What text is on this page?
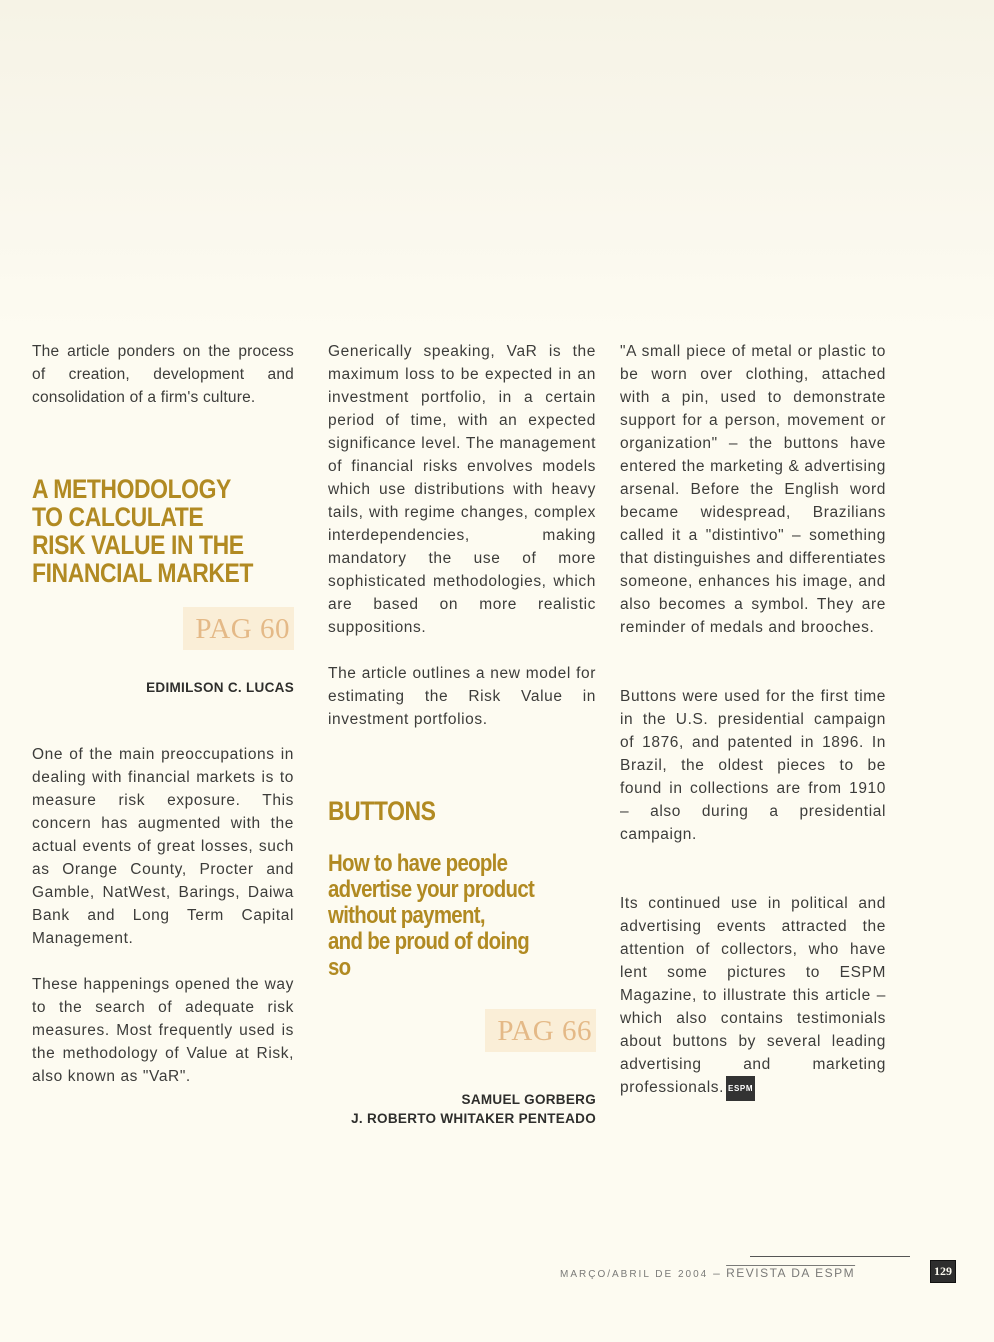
The article ponders on the process of creation, development and consolidation of a firm's culture.

A METHODOLOGY
TO CALCULATE
RISK VALUE IN THE
FINANCIAL MARKET
PAG 60
EDIMILSON C. LUCAS

One of the main preoccupations in dealing with financial markets is to measure risk exposure. This concern has augmented with the actual events of great losses, such as Orange County, Procter and Gamble, NatWest, Barings, Daiwa Bank and Long Term Capital Management.

These happenings opened the way to the search of adequate risk measures. Most frequently used is the methodology of Value at Risk, also known as "VaR".

Generically speaking, VaR is the maximum loss to be expected in an investment portfolio, in a certain period of time, with an expected significance level. The management of financial risks envolves models which use distributions with heavy tails, with regime changes, complex interdependencies, making mandatory the use of more sophisticated methodologies, which are based on more realistic suppositions.

The article outlines a new model for estimating the Risk Value in investment portfolios.

BUTTONS
How to have people
advertise your product
without payment,
and be proud of doing so
PAG 66
SAMUEL GORBERG
J. ROBERTO WHITAKER PENTEADO

"A small piece of metal or plastic to be worn over clothing, attached with a pin, used to demonstrate support for a person, movement or organization" – the buttons have entered the marketing & advertising arsenal. Before the English word became widespread, Brazilians called it a "distintivo" – something that distinguishes and differentiates someone, enhances his image, and also becomes a symbol. They are reminder of medals and brooches.

Buttons were used for the first time in the U.S. presidential campaign of 1876, and patented in 1896. In Brazil, the oldest pieces to be found in collections are from 1910 – also during a presidential campaign.

Its continued use in political and advertising events attracted the attention of collectors, who have lent some pictures to ESPM Magazine, to illustrate this article – which also contains testimonials about buttons by several leading advertising and marketing professionals. ESPM

MARÇO/ABRIL DE 2004 – REVISTA DA ESPM	129
